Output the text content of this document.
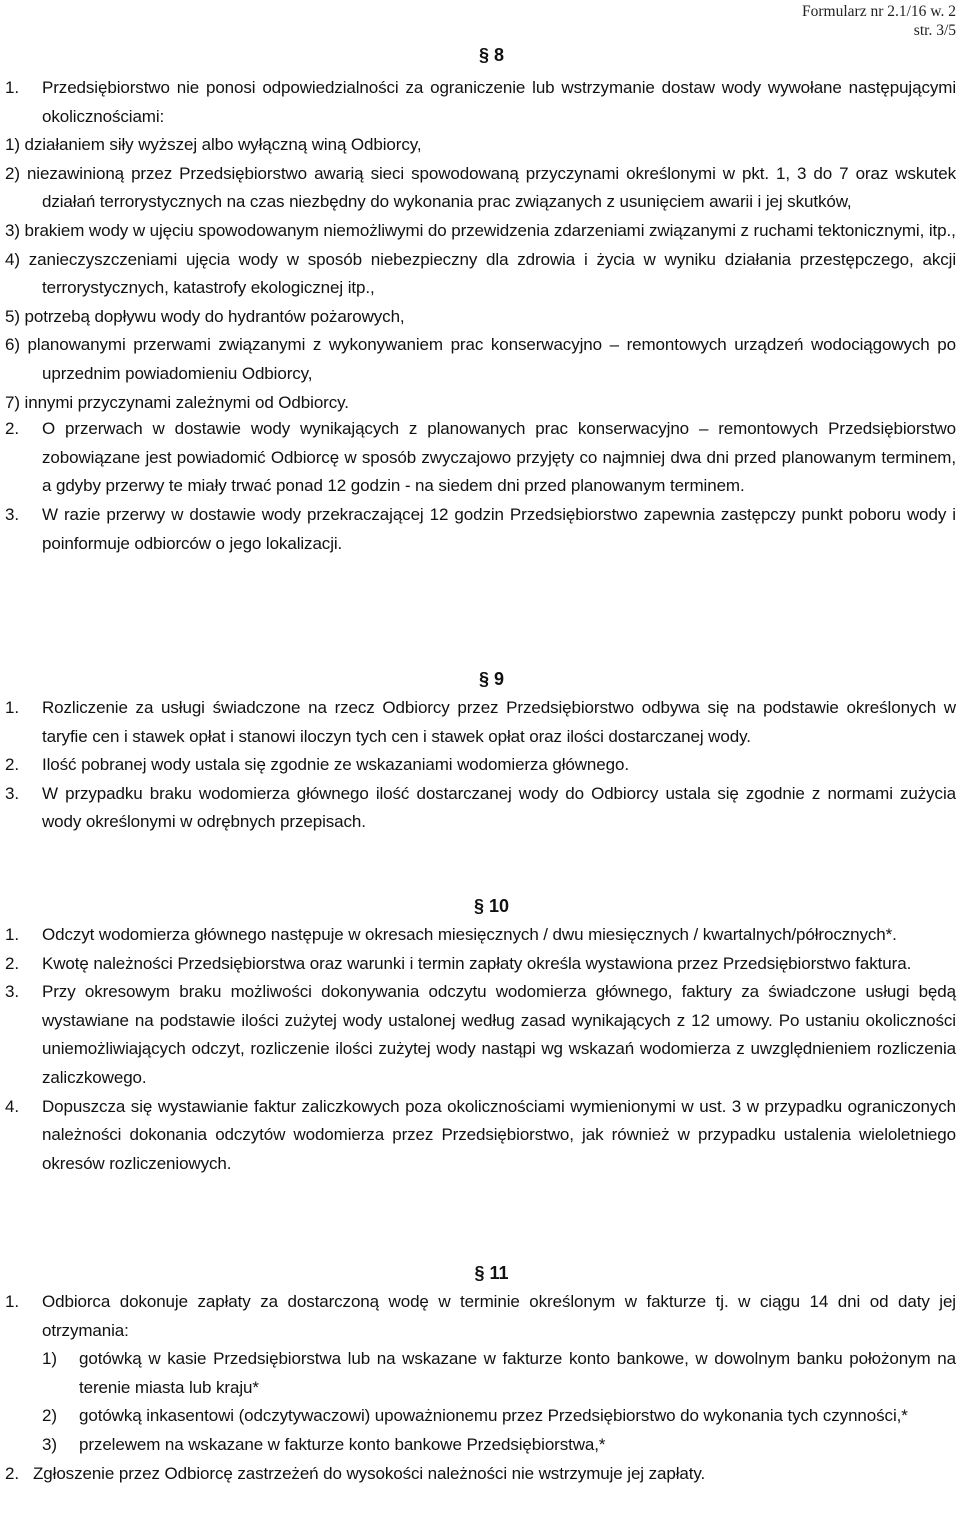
Formularz nr 2.1/16 w. 2
str. 3/5
§ 8
1. Przedsiębiorstwo nie ponosi odpowiedzialności za ograniczenie lub wstrzymanie dostaw wody wywołane następującymi okolicznościami:
1) działaniem siły wyższej albo wyłączną winą Odbiorcy,
2) niezawinioną przez Przedsiębiorstwo awarią sieci spowodowaną przyczynami określonymi w pkt. 1, 3 do 7 oraz wskutek działań terrorystycznych na czas niezbędny do wykonania prac związanych z usunięciem awarii i jej skutków,
3) brakiem wody w ujęciu spowodowanym niemożliwymi do przewidzenia zdarzeniami związanymi z ruchami tektonicznymi, itp.,
4) zanieczyszczeniami ujęcia wody w sposób niebezpieczny dla zdrowia i życia w wyniku działania przestępczego, akcji terrorystycznych, katastrofy ekologicznej itp.,
5) potrzebą dopływu wody do hydrantów pożarowych,
6) planowanymi przerwami związanymi z wykonywaniem prac konserwacyjno – remontowych urządzeń wodociągowych po uprzednim powiadomieniu Odbiorcy,
7) innymi przyczynami zależnymi od Odbiorcy.
2. O przerwach w dostawie wody wynikających z planowanych prac konserwacyjno – remontowych Przedsiębiorstwo zobowiązane jest powiadomić Odbiorcę w sposób zwyczajowo przyjęty co najmniej dwa dni przed planowanym terminem, a gdyby przerwy te miały trwać ponad 12 godzin - na siedem dni przed planowanym terminem.
3. W razie przerwy w dostawie wody przekraczającej 12 godzin Przedsiębiorstwo zapewnia zastępczy punkt poboru wody i poinformuje odbiorców o jego lokalizacji.
§ 9
1. Rozliczenie za usługi świadczone na rzecz Odbiorcy przez Przedsiębiorstwo odbywa się na podstawie określonych w taryfie cen i stawek opłat i stanowi iloczyn tych cen i stawek opłat oraz ilości dostarczanej wody.
2. Ilość pobranej wody ustala się zgodnie ze wskazaniami wodomierza głównego.
3. W przypadku braku wodomierza głównego ilość dostarczanej wody do Odbiorcy ustala się zgodnie z normami zużycia wody określonymi w odrębnych przepisach.
§ 10
1. Odczyt wodomierza głównego następuje w okresach miesięcznych / dwu miesięcznych / kwartalnych/półrocznych*.
2. Kwotę należności Przedsiębiorstwa oraz warunki i termin zapłaty określa wystawiona przez Przedsiębiorstwo faktura.
3. Przy okresowym braku możliwości dokonywania odczytu wodomierza głównego, faktury za świadczone usługi będą wystawiane na podstawie ilości zużytej wody ustalonej według zasad wynikających z 12 umowy. Po ustaniu okoliczności uniemożliwiających odczyt, rozliczenie ilości zużytej wody nastąpi wg wskazań wodomierza z uwzględnieniem rozliczenia zaliczkowego.
4. Dopuszcza się wystawianie faktur zaliczkowych poza okolicznościami wymienionymi w ust. 3 w przypadku ograniczonych należności dokonania odczytów wodomierza przez Przedsiębiorstwo, jak również w przypadku ustalenia wieloletniego okresów rozliczeniowych.
§ 11
1. Odbiorca dokonuje zapłaty za dostarczoną wodę w terminie określonym w fakturze tj. w ciągu 14 dni od daty jej otrzymania:
1) gotówką w kasie Przedsiębiorstwa lub na wskazane w fakturze konto bankowe, w dowolnym banku położonym na terenie miasta lub kraju*
2) gotówką inkasentowi (odczytywaczowi) upoważnionemu przez Przedsiębiorstwo do wykonania tych czynności,*
3) przelewem na wskazane w fakturze konto bankowe Przedsiębiorstwa,*
2. Zgłoszenie przez Odbiorcę zastrzeżeń do wysokości należności nie wstrzymuje jej zapłaty.
